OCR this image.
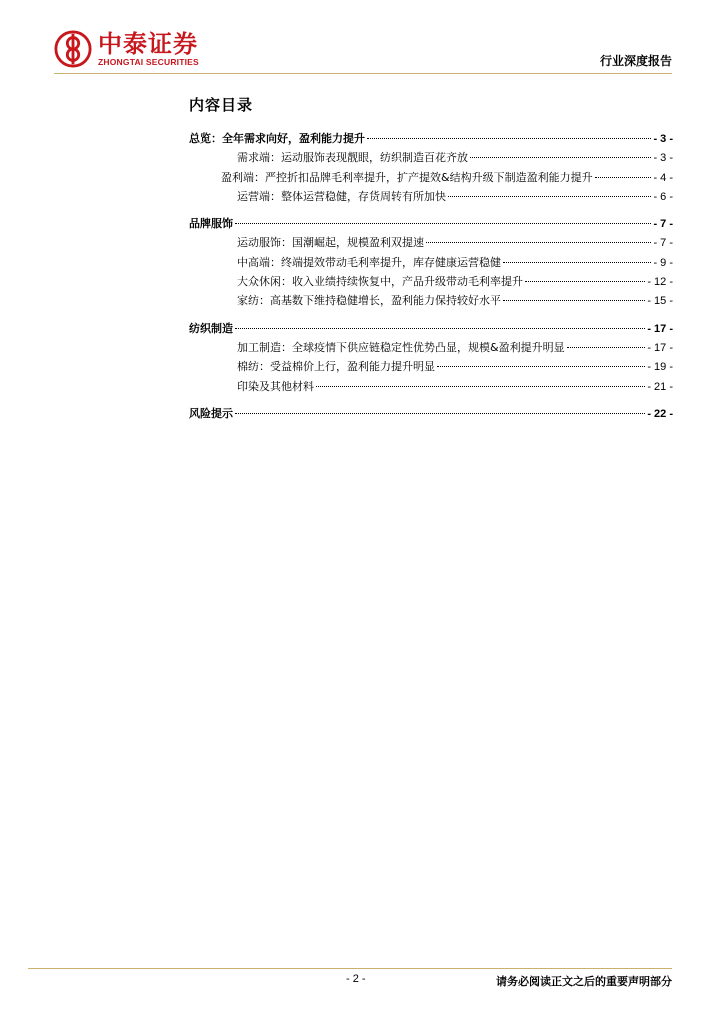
中泰证券
ZHONGTAI SECURITIES	行业深度报告
内容目录
总览：全年需求向好，盈利能力提升	- 3 -
需求端：运动服饰表现靓眼，纺织制造百花齐放	- 3 -
盈利端：严控折扣品牌毛利率提升，扩产提效&结构升级下制造盈利能力提升	- 4 -
运营端：整体运营稳健，存货周转有所加快	- 6 -
品牌服饰	- 7 -
运动服饰：国潮崛起，规模盈利双提速	- 7 -
中高端：终端提效带动毛利率提升，库存健康运营稳健	- 9 -
大众休闲：收入业绩持续恢复中，产品升级带动毛利率提升	- 12 -
家纺：高基数下维持稳健增长，盈利能力保持较好水平	- 15 -
纺织制造	- 17 -
加工制造：全球疫情下供应链稳定性优势凸显，规模&盈利提升明显	- 17 -
棉纺：受益棉价上行，盈利能力提升明显	- 19 -
印染及其他材料	- 21 -
风险提示	- 22 -
- 2 -	请务必阅读正文之后的重要声明部分
